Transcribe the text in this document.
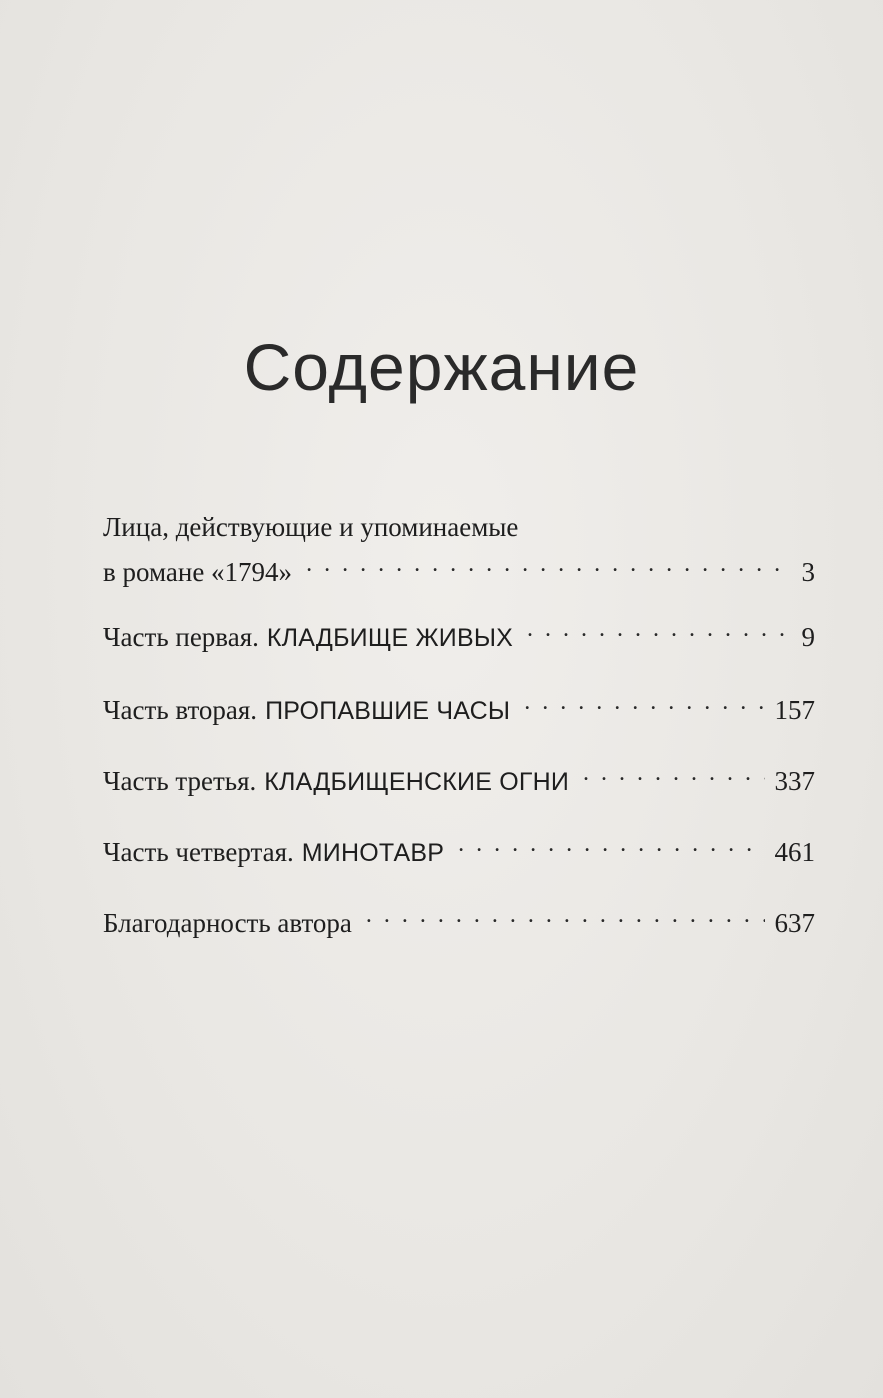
Содержание
Лица, действующие и упоминаемые
в романе «1794» . . .	3
Часть первая. КЛАДБИЩЕ ЖИВЫХ . . .	9
Часть вторая. ПРОПАВШИЕ ЧАСЫ . . .	157
Часть третья. КЛАДБИЩЕНСКИЕ ОГНИ . . .	337
Часть четвертая. МИНОТАВР . . .	461
Благодарность автора . . .	637
